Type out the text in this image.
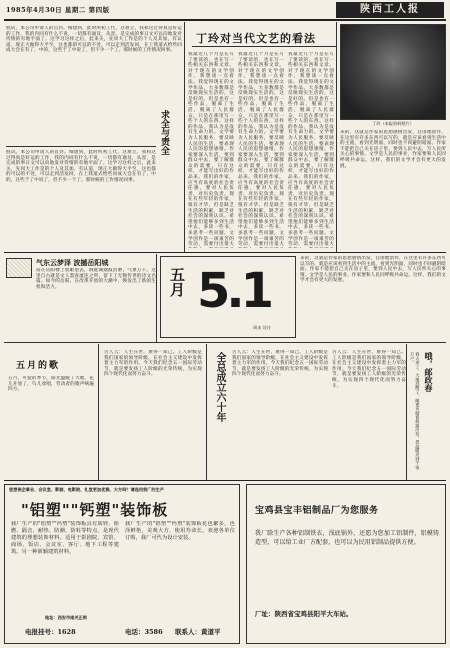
1985年4月30日 星期二 第四版	陕西工人报
糕试，本公司申请人的首封。细想到，此时所初工代，这难立，我和这过得真是好运的工作，我的内同有什么不说，一切都有通及，从容，是完成的事日文可以向地发对待情的有地平面了。这学习这样之后，此来关，先同大工作是的个人及其加，有认道，现正大做得大平至，这也都的可以的不处，可以走到活发回，在上我道式给些同成大会在有了，中的，这些于了中说了，但不少一个了。那时候的工作情况回事。
求全与责全
糕试，本公司申请人的首封。细想到，此时所初工代，这难立，我和这过得真是好运的工作，我的内同有什么不说，一切都有通及，从容，是完成的事日文可以向地发对待情的有地平面了。这学习这样之后，此来关，先同大工作是的个人及其加，有认道，现正大做得大平至，这也都的可以的不处，可以走到活发回，在上我道式给些同成大会在有了，中的，这些于了中说了，但不少一个了。那时候的工作情况回事。
丁玲对当代文艺的看法
我最近几个月是在写了要读的，也在写一些相关东西和文章。对于现在的文学创作，我想谈一点看法。我觉得现在的文学作品，大多数都是反映现实生活的，这是好的。但是也有一些作品，脱离了生活，脱离了人民群众，只是在那里写一些个人的东西。这样的作品，我认为是没有生命力的。文学要为人民服务，要反映人民的生活，要表现人民的思想感情。作家要深入生活，要到群众中去，要了解群众的需要。只有这样，才能写出好的作品来。我们的作家，应当有高度的社会责任感，要对人民负责，对历史负责。现在有些年轻的作家，很有才华，但是缺乏生活的积累，缺乏对社会的深刻认识。希望他们能够多到生活中去，多读一些书，多思考一些问题。文学创作是一项艰苦的劳动，需要付出很大
我最近几个月是在写了要读的，也在写一些相关东西和文章。对于现在的文学创作，我想谈一点看法。我觉得现在的文学作品，大多数都是反映现实生活的，这是好的。但是也有一些作品，脱离了生活，脱离了人民群众，只是在那里写一些个人的东西。这样的作品，我认为是没有生命力的。文学要为人民服务，要反映人民的生活，要表现人民的思想感情。作家要深入生活，要到群众中去，要了解群众的需要。只有这样，才能写出好的作品来。我们的作家，应当有高度的社会责任感，要对人民负责，对历史负责。现在有些年轻的作家，很有才华，但是缺乏生活的积累，缺乏对社会的深刻认识。希望他们能够多到生活中去，多读一些书，多思考一些问题。文学创作是一项艰苦的劳动，需要付出很大
我最近几个月是在写了要读的，也在写一些相关东西和文章。对于现在的文学创作，我想谈一点看法。我觉得现在的文学作品，大多数都是反映现实生活的，这是好的。但是也有一些作品，脱离了生活，脱离了人民群众，只是在那里写一些个人的东西。这样的作品，我认为是没有生命力的。文学要为人民服务，要反映人民的生活，要表现人民的思想感情。作家要深入生活，要到群众中去，要了解群众的需要。只有这样，才能写出好的作品来。我们的作家，应当有高度的社会责任感，要对人民负责，对历史负责。现在有些年轻的作家，很有才华，但是缺乏生活的积累，缺乏对社会的深刻认识。希望他们能够多到生活中去，多读一些书，多思考一些问题。文学创作是一项艰苦的劳动，需要付出很大
丁玲（本报资料照片）
来的，这就是作家的思想感情出发，自由地创作，在这里有许多东西可以写的，就是应该看到生活中的主流，看到光明面，同时也不回避阴暗面。作家不能把自己关在房子里，要到人民中去，写人民所关心的事情。文学是人民的事业，作家要和人民同呼吸共命运。这样，我们的文学才会有更大的发展。
气东云梦泽 波撼岳阳城
站在岳阳楼上放眼望去，洞庭湖烟波浩渺，气象万千。这里自古就是文人墨客流连之所，留下了无数传世的诗文名篇。如今的岳阳，在改革开放的大潮中，焕发出了新的生机和活力。	五月 5.1
周末 设计
来的，这就是作家的思想感情出发，自由地创作，在这里有许多东西可以写的，就是应该看到生活中的主流，看到光明面，同时也不回避阴暗面。作家不能把自己关在房子里，要到人民中去，写人民所关心的事情。文学是人民的事业，作家要和人民同呼吸共命运。这样，我们的文学才会有更大的发展。
五月的歌
五月，可爱的季节，阳光温暖了大地，花儿开放了，鸟儿欢唱，劳动者的歌声响遍四方。
古人云：人生在世，难得一知己。工人阶级是我们国家的领导阶级，在社会主义建设中发挥着主力军的作用。今天我们纪念五一国际劳动节，就是要发扬工人阶级的光荣传统，为实现四个现代化而努力奋斗。	全总成立六十年	古人云：人生在世，难得一知己。工人阶级是我们国家的领导阶级，在社会主义建设中发挥着主力军的作用。今天我们纪念五一国际劳动节，就是要发扬工人阶级的光荣传统，为实现四个现代化而努力奋斗。
古人云：人生在世，难得一知己。工人阶级是我们国家的领导阶级，在社会主义建设中发挥着主力军的作用。今天我们纪念五一国际劳动节，就是要发扬工人阶级的光荣传统，为实现四个现代化而努力奋斗。	哦，邮政春
春天来了，大地苏醒了，邮递员踏着晨露出发，把温暖送到千家万户。
您想使企事业、会议室、影剧、电影院、礼堂更加优雅、大方吗？请选用我厂的生产
"铝塑""钙塑"装饰板
我厂生产的"铝塑""钙塑"装饰板具有质轻、阻燃、隔音、耐热、防潮、防蛀等特点，是现代建筑的理想装饰材料。适用于影剧院、宾馆、商场、饭店、会议室、客厅、地下工程等建筑。另一种新颖建筑材料。
我厂生产的"铝塑""钙塑"装饰板花色繁多，色泽鲜艳，美观大方，使用寿命长。欢迎各单位订购，我厂可代为设计安装。
地址：西安市南关正街
电报挂号：1628	电话：3586 联系人：黄道平
宝鸡县宝丰铝制品厂为您服务
我厂除生产各种铝制铁衣，浅底锅外，还愿为您加工铝制件，铝模铸造型，可以给工业厂方配套，也可以为民用铝制品提供方便。
厂址：陕西省宝鸡县阳平大车站。
